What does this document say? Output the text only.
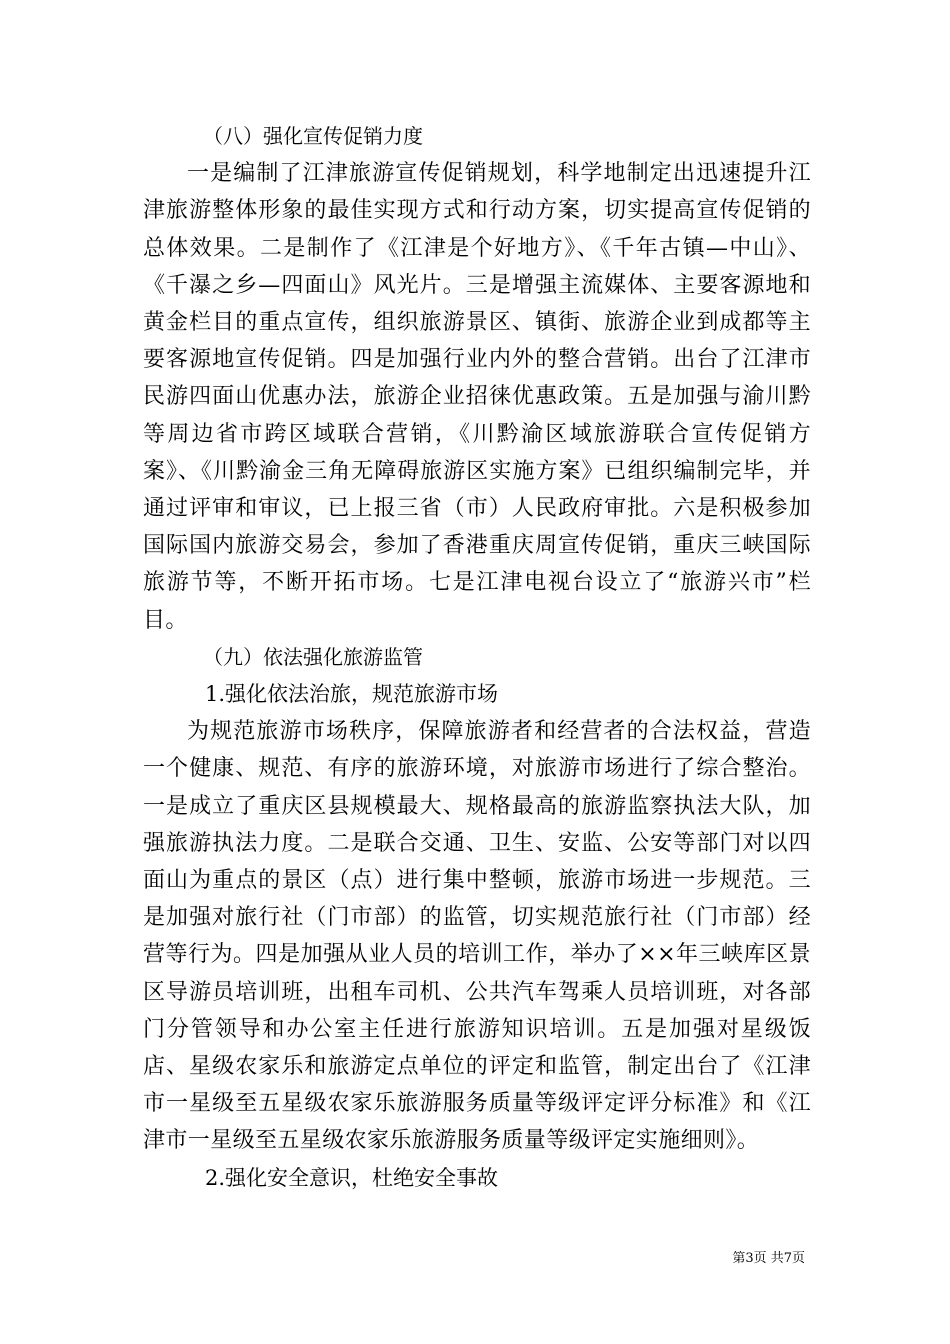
（八）强化宣传促销力度

一是编制了江津旅游宣传促销规划，科学地制定出迅速提升江津旅游整体形象的最佳实现方式和行动方案，切实提高宣传促销的总体效果。二是制作了《江津是个好地方》、《千年古镇—中山》、《千瀑之乡—四面山》风光片。三是增强主流媒体、主要客源地和黄金栏目的重点宣传，组织旅游景区、镇街、旅游企业到成都等主要客源地宣传促销。四是加强行业内外的整合营销。出台了江津市民游四面山优惠办法，旅游企业招徕优惠政策。五是加强与渝川黔等周边省市跨区域联合营销，《川黔渝区域旅游联合宣传促销方案》、《川黔渝金三角无障碍旅游区实施方案》已组织编制完毕，并通过评审和审议，已上报三省（市）人民政府审批。六是积极参加国际国内旅游交易会，参加了香港重庆周宣传促销，重庆三峡国际旅游节等，不断开拓市场。七是江津电视台设立了“旅游兴市”栏目。

（九）依法强化旅游监管

1.强化依法治旅，规范旅游市场

为规范旅游市场秩序，保障旅游者和经营者的合法权益，营造一个健康、规范、有序的旅游环境，对旅游市场进行了综合整治。一是成立了重庆区县规模最大、规格最高的旅游监察执法大队，加强旅游执法力度。二是联合交通、卫生、安监、公安等部门对以四面山为重点的景区（点）进行集中整顿，旅游市场进一步规范。三是加强对旅行社（门市部）的监管，切实规范旅行社（门市部）经营等行为。四是加强从业人员的培训工作，举办了××年三峡库区景区导游员培训班，出租车司机、公共汽车驾乘人员培训班，对各部门分管领导和办公室主任进行旅游知识培训。五是加强对星级饭店、星级农家乐和旅游定点单位的评定和监管，制定出台了《江津市一星级至五星级农家乐旅游服务质量等级评定评分标准》和《江津市一星级至五星级农家乐旅游服务质量等级评定实施细则》。

2.强化安全意识，杜绝安全事故

第3页 共7页
